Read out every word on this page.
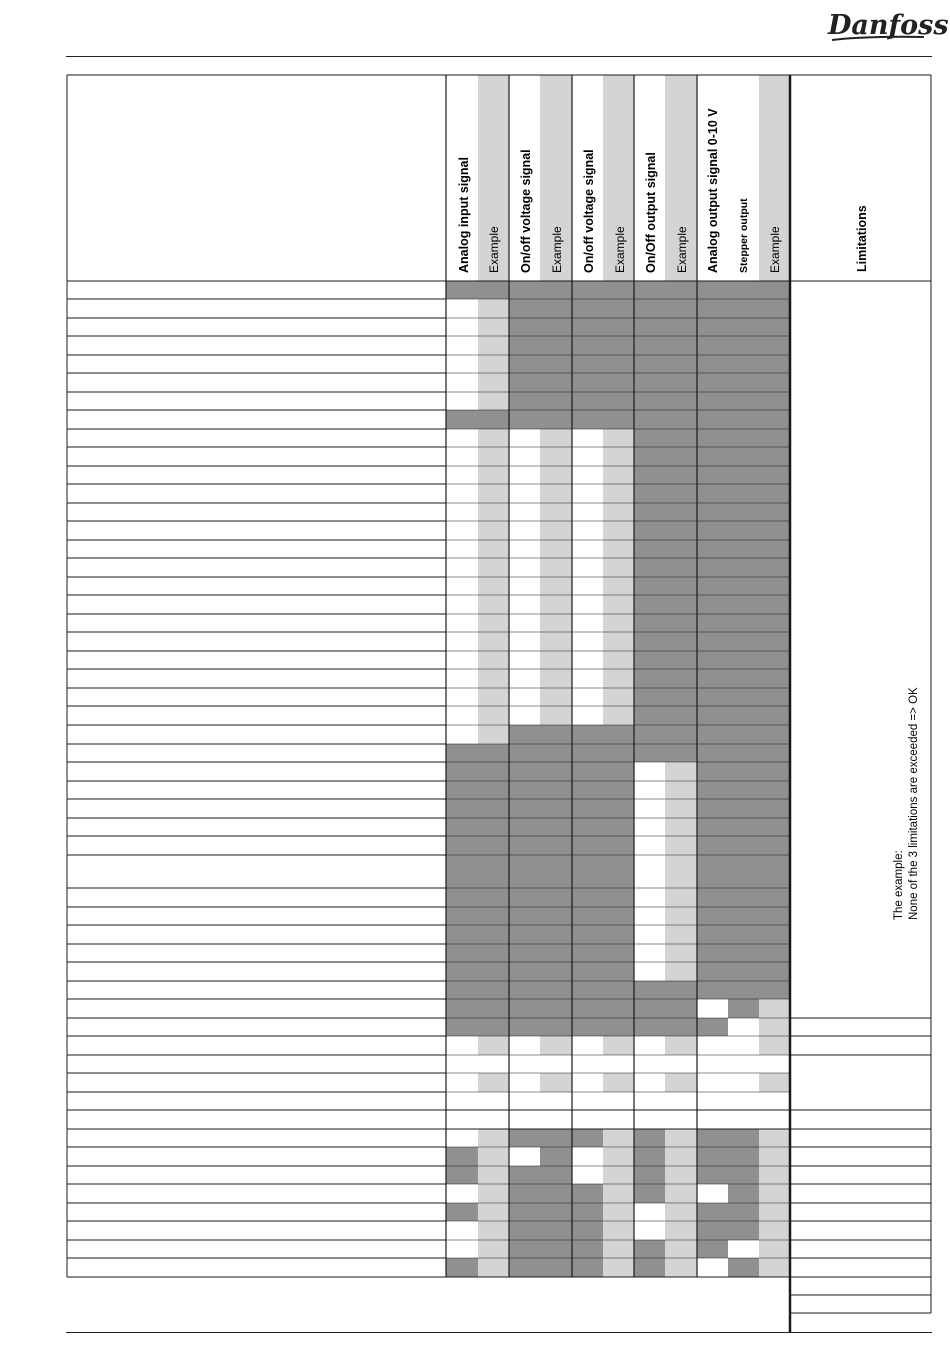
Danfoss
Analog input signal Example On/off voltage signal Example On/off voltage signal Example On/Off output signal Example Analog output signal 0-10 V Stepper output Example	Limitations
The example: None of the 3 limitations are exceeded => OK
